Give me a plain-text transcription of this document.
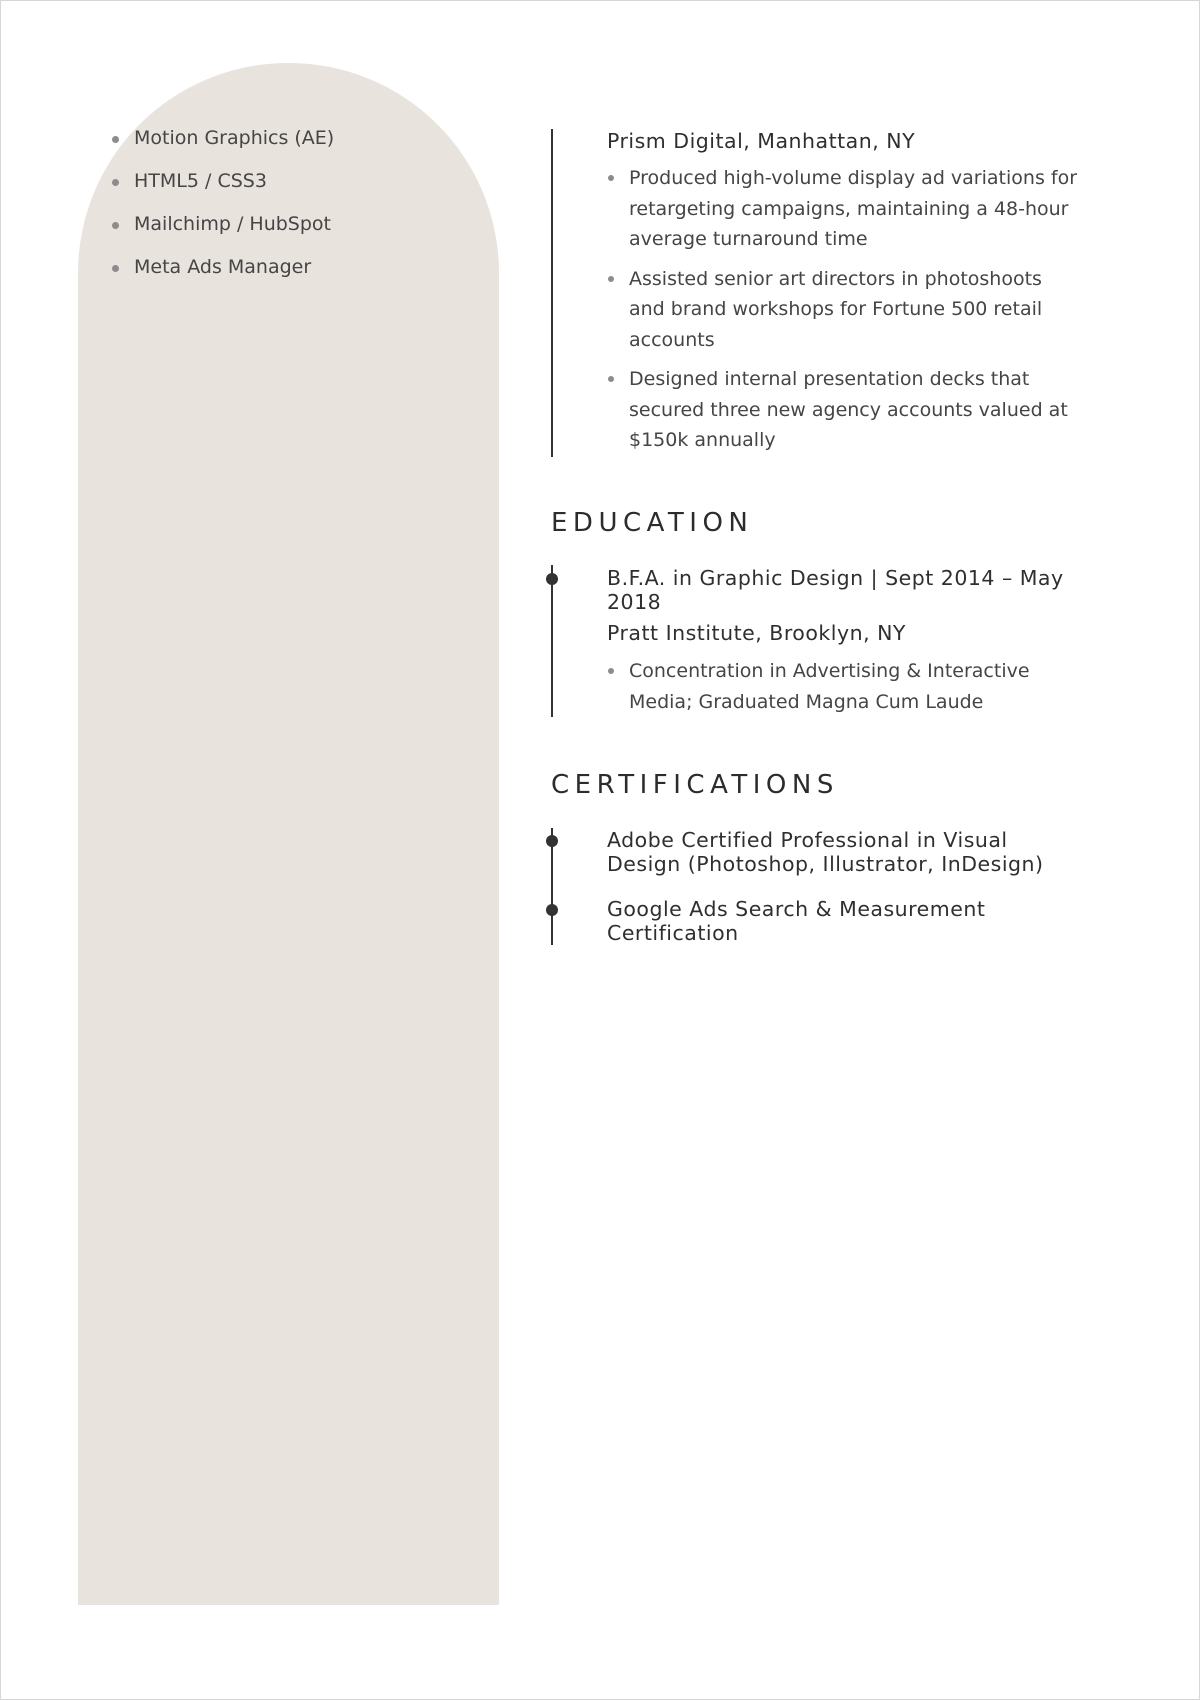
Motion Graphics (AE)
HTML5 / CSS3
Mailchimp / HubSpot
Meta Ads Manager
Prism Digital, Manhattan, NY
Produced high-volume display ad variations for retargeting campaigns, maintaining a 48-hour average turnaround time
Assisted senior art directors in photoshoots and brand workshops for Fortune 500 retail accounts
Designed internal presentation decks that secured three new agency accounts valued at $150k annually
EDUCATION
B.F.A. in Graphic Design | Sept 2014 – May 2018
Pratt Institute, Brooklyn, NY
Concentration in Advertising & Interactive Media; Graduated Magna Cum Laude
CERTIFICATIONS
Adobe Certified Professional in Visual Design (Photoshop, Illustrator, InDesign)
Google Ads Search & Measurement Certification
